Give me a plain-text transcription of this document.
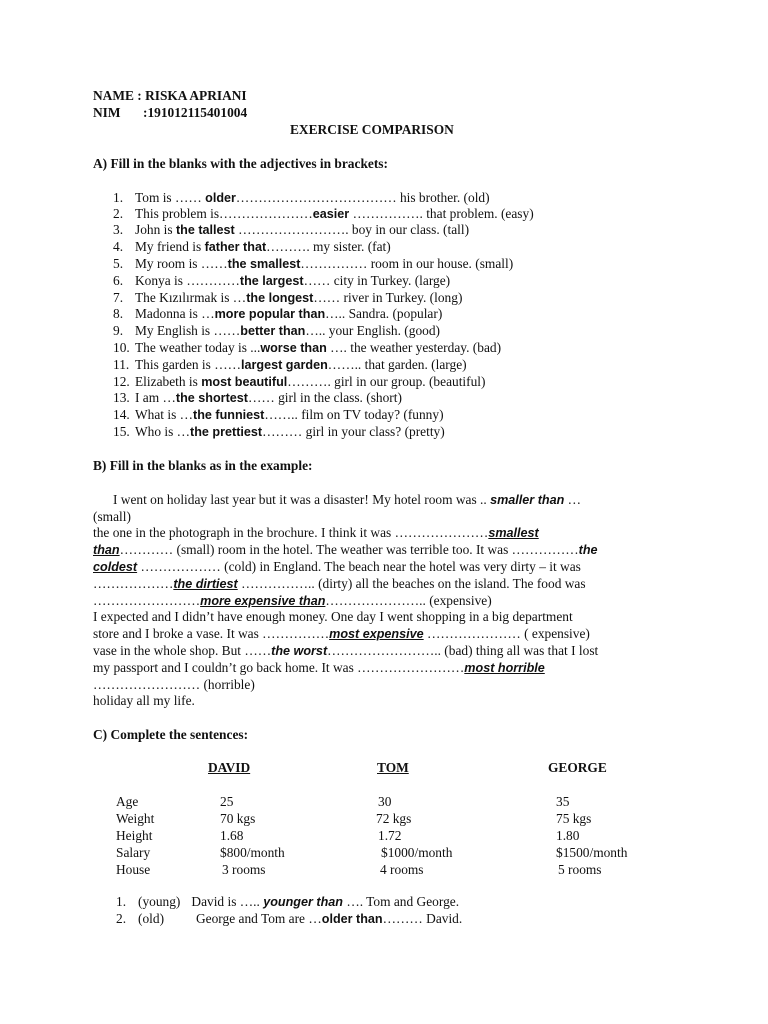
NAME : RISKA APRIANI
NIM :191012115401004
EXERCISE COMPARISON
A) Fill in the blanks with the adjectives in brackets:
1. Tom is …… older……………………………… his brother. (old)
2. This problem is…………………easier ……………. that problem. (easy)
3. John is the tallest ……………………. boy in our class. (tall)
4. My friend is father that………. my sister. (fat)
5. My room is ……the smallest…………… room in our house. (small)
6. Konya is …………the largest…… city in Turkey. (large)
7. The Kızılırmak is …the longest…… river in Turkey. (long)
8. Madonna is …more popular than….. Sandra. (popular)
9. My English is ……better than….. your English. (good)
10. The weather today is ...worse than …. the weather yesterday. (bad)
11. This garden is ……largest garden…….. that garden. (large)
12. Elizabeth is most beautiful………. girl in our group. (beautiful)
13. I am …the shortest…… girl in the class. (short)
14. What is …the funniest…….. film on TV today? (funny)
15. Who is …the prettiest……… girl in your class? (pretty)
B) Fill in the blanks as in the example:
I went on holiday last year but it was a disaster! My hotel room was .. smaller than …
(small)
the one in the photograph in the brochure. I think it was …………………smallest
than………… (small) room in the hotel. The weather was terrible too. It was ……………the
coldest ……………… (cold) in England. The beach near the hotel was very dirty – it was
………………the dirtiest …………….. (dirty) all the beaches on the island. The food was
……………………more expensive than………………….. (expensive)
I expected and I didn’t have enough money. One day I went shopping in a big department
store and I broke a vase. It was ……………most expensive ………………… ( expensive)
vase in the whole shop. But ……the worst…………………….. (bad) thing all was that I lost
my passport and I couldn’t go back home. It was ……………………most horrible
…………………… (horrible)
holiday all my life.
C) Complete the sentences:
DAVID	TOM	GEORGE
Age	25	30	35
Weight	70 kgs	72 kgs	75 kgs
Height	1.68	1.72	1.80
Salary	$800/month	$1000/month	$1500/month
House	3 rooms	4 rooms	5 rooms
1. (young) David is ….. younger than …. Tom and George.
2. (old) George and Tom are …older than……… David.
